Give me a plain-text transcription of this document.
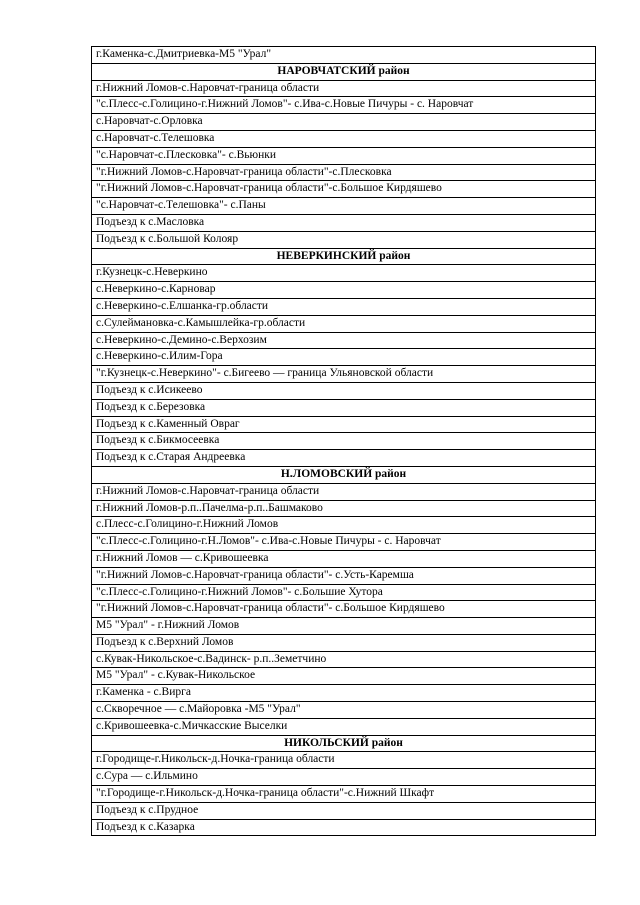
г.Каменка-с.Дмитриевка-М5 "Урал"
НАРОВЧАТСКИЙ район
г.Нижний Ломов-с.Наровчат-граница области
"с.Плесс-с.Голицино-г.Нижний Ломов"- с.Ива-с.Новые Пичуры - с. Наровчат
с.Наровчат-с.Орловка
с.Наровчат-с.Телешовка
"с.Наровчат-с.Плесковка"- с.Вьюнки
"г.Нижний Ломов-с.Наровчат-граница области"-с.Плесковка
"г.Нижний Ломов-с.Наровчат-граница области"-с.Большое Кирдяшево
"с.Наровчат-с.Телешовка"- с.Паны
Подъезд к с.Масловка
Подъезд к с.Большой Колояр
НЕВЕРКИНСКИЙ район
г.Кузнецк-с.Неверкино
с.Неверкино-с.Карновар
с.Неверкино-с.Елшанка-гр.области
с.Сулеймановка-с.Камышлейка-гр.области
с.Неверкино-с.Демино-с.Верхозим
с.Неверкино-с.Илим-Гора
"г.Кузнецк-с.Неверкино"- с.Бигеево — граница Ульяновской области
Подъезд к с.Исикеево
Подъезд к с.Березовка
Подъезд к с.Каменный Овраг
Подъезд к с.Бикмосеевка
Подъезд к с.Старая Андреевка
Н.ЛОМОВСКИЙ район
г.Нижний Ломов-с.Наровчат-граница области
г.Нижний Ломов-р.п..Пачелма-р.п..Башмаково
с.Плесс-с.Голицино-г.Нижний Ломов
"с.Плесс-с.Голицино-г.Н.Ломов"- с.Ива-с.Новые Пичуры - с. Наровчат
г.Нижний Ломов — с.Кривошеевка
"г.Нижний Ломов-с.Наровчат-граница области"- с.Усть-Каремша
"с.Плесс-с.Голицино-г.Нижний Ломов"- с.Большие Хутора
"г.Нижний Ломов-с.Наровчат-граница области"- с.Большое Кирдяшево
М5 "Урал" - г.Нижний Ломов
Подъезд к с.Верхний Ломов
с.Кувак-Никольское-с.Вадинск- р.п..Земетчино
М5 "Урал" - с.Кувак-Никольское
г.Каменка - с.Вирга
с.Скворечное — с.Майоровка -М5 "Урал"
с.Кривошеевка-с.Мичкасские Выселки
НИКОЛЬСКИЙ район
г.Городище-г.Никольск-д.Ночка-граница области
с.Сура — с.Ильмино
"г.Городище-г.Никольск-д.Ночка-граница области"-с.Нижний Шкафт
Подъезд к с.Прудное
Подъезд к с.Казарка
